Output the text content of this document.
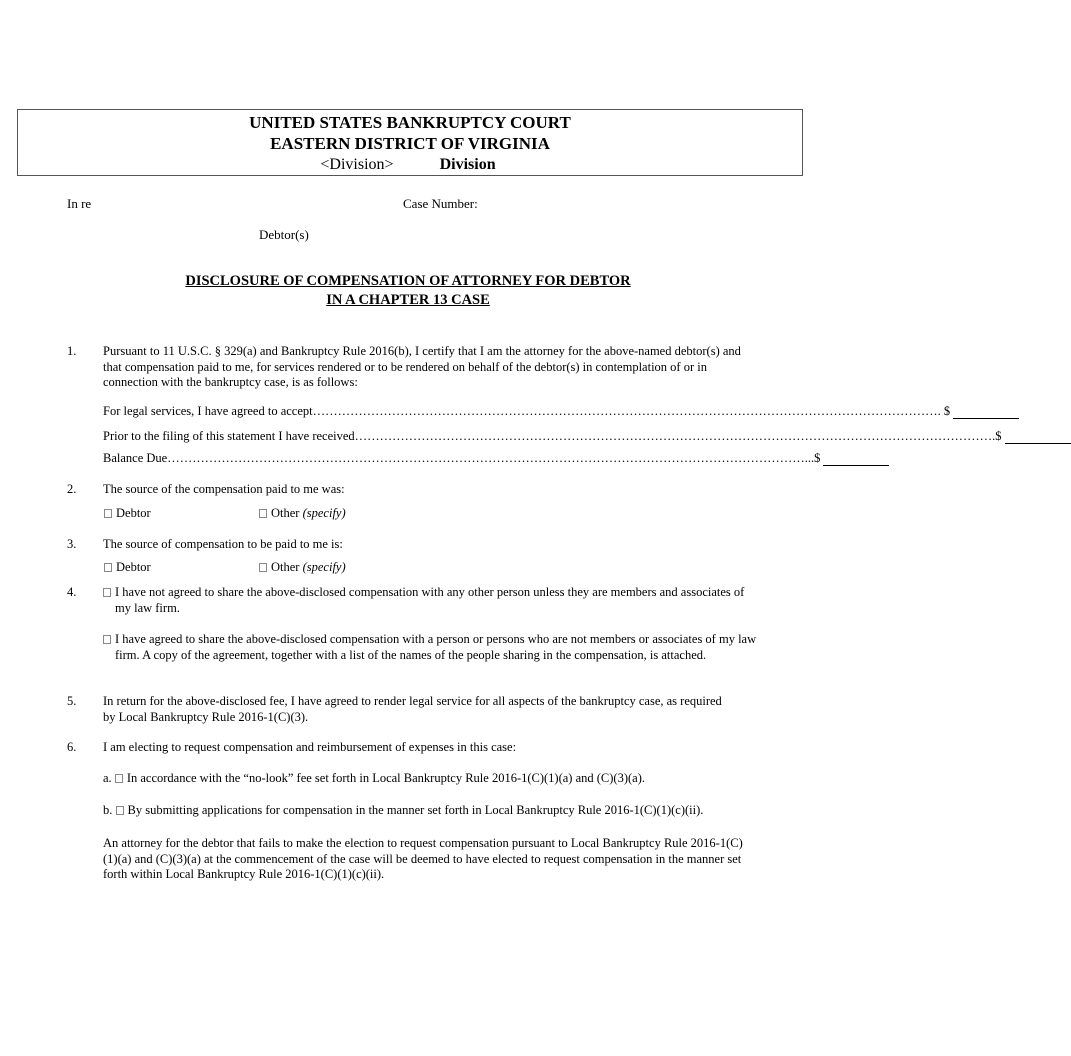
UNITED STATES BANKRUPTCY COURT
EASTERN DISTRICT OF VIRGINIA
<Division>	Division
In re	Case Number:
Debtor(s)
DISCLOSURE OF COMPENSATION OF ATTORNEY FOR DEBTOR
IN A CHAPTER 13 CASE
1. Pursuant to 11 U.S.C. § 329(a) and Bankruptcy Rule 2016(b), I certify that I am the attorney for the above-named debtor(s) and that compensation paid to me, for services rendered or to be rendered on behalf of the debtor(s) in contemplation of or in connection with the bankruptcy case, is as follows:
For legal services, I have agreed to accept …………………………………………………………………………………………………………………………………… . $
Prior to the filing of this statement I have received …………………………………………………………………………………………………………………………………… ….$
Balance Due …………………………………………………………………………………………………………………………………… …...$
2. The source of the compensation paid to me was:
Debtor	Other (specify)
3. The source of compensation to be paid to me is:
Debtor	Other (specify)
4.	I have not agreed to share the above-disclosed compensation with any other person unless they are members and associates of my law firm.
I have agreed to share the above-disclosed compensation with a person or persons who are not members or associates of my law firm. A copy of the agreement, together with a list of the names of the people sharing in the compensation, is attached.
5. In return for the above-disclosed fee, I have agreed to render legal service for all aspects of the bankruptcy case, as required by Local Bankruptcy Rule 2016-1(C)(3).
6. I am electing to request compensation and reimbursement of expenses in this case:
a. In accordance with the “no-look” fee set forth in Local Bankruptcy Rule 2016-1(C)(1)(a) and (C)(3)(a).
b. By submitting applications for compensation in the manner set forth in Local Bankruptcy Rule 2016-1(C)(1)(c)(ii).
An attorney for the debtor that fails to make the election to request compensation pursuant to Local Bankruptcy Rule 2016-1(C)(1)(a) and (C)(3)(a) at the commencement of the case will be deemed to have elected to request compensation in the manner set forth within Local Bankruptcy Rule 2016-1(C)(1)(c)(ii).
